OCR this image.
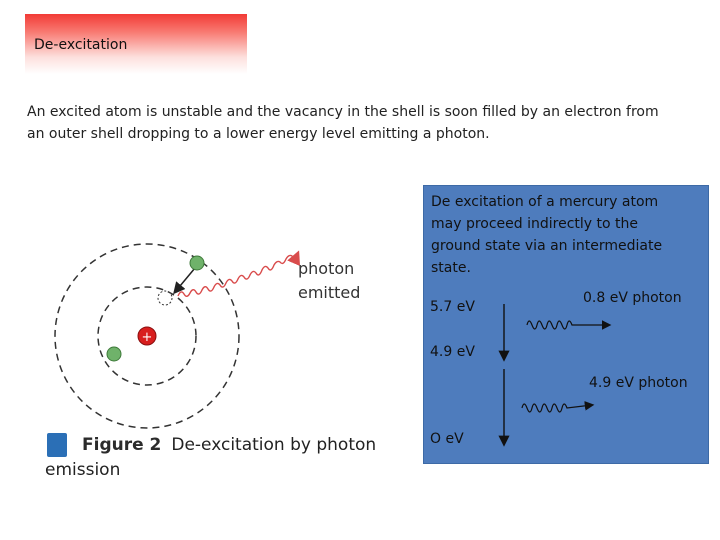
De-excitation
An excited atom is unstable and the vacancy in the shell is soon filled by an electron from an outer shell dropping to a lower energy level emitting a photon.
+
photon
emitted
Figure 2 De-excitation by photon
emission
De excitation of a mercury atom may proceed indirectly to the ground state via an intermediate state.
5.7 eV
0.8 eV photon
4.9 eV
4.9 eV photon
O eV
